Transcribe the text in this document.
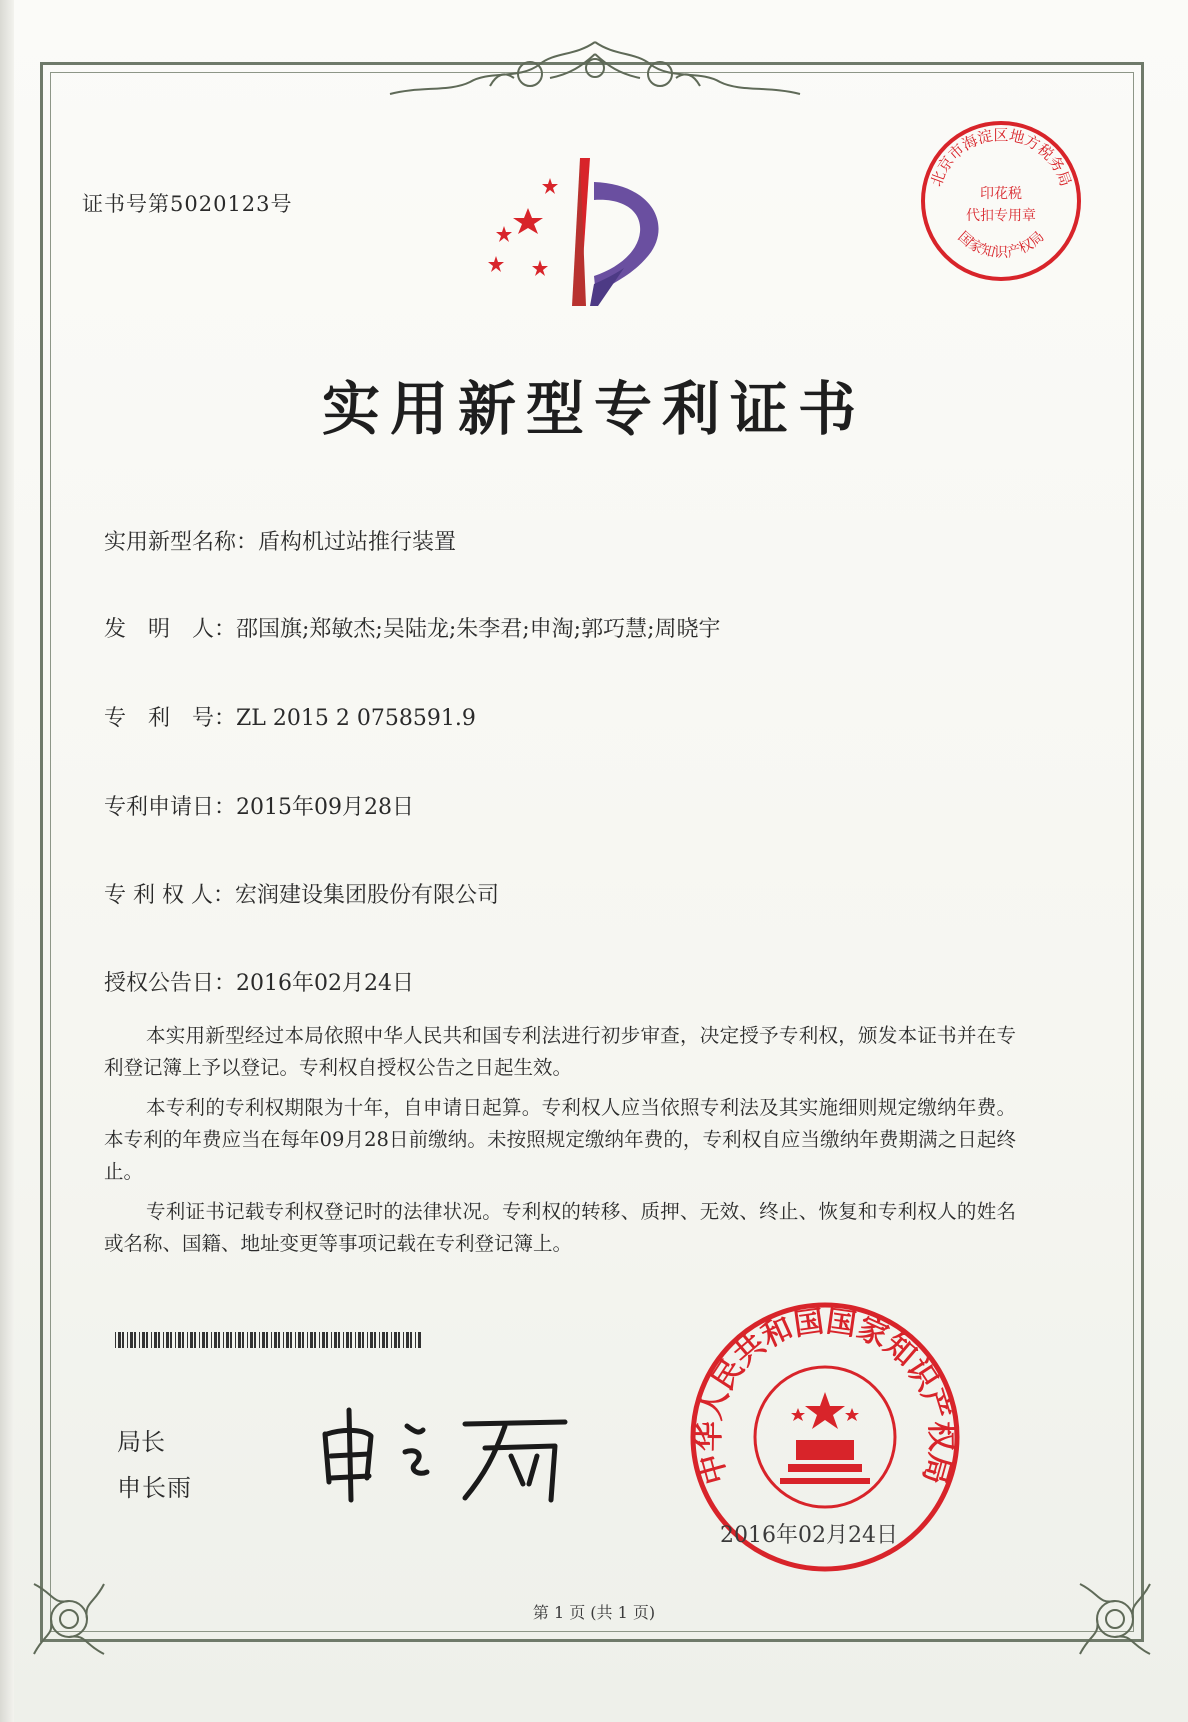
证书号第5020123号
北京市海淀区地方税务局
印花税
代扣专用章
国家知识产权局
实用新型专利证书
实用新型名称：盾构机过站推行装置
发　明　人：邵国旗;郑敏杰;吴陆龙;朱李君;申淘;郭巧慧;周晓宇
专　利　号：ZL 2015 2 0758591.9
专利申请日：2015年09月28日
专 利 权 人：宏润建设集团股份有限公司
授权公告日：2016年02月24日
本实用新型经过本局依照中华人民共和国专利法进行初步审查，决定授予专利权，颁发本证书并在专利登记簿上予以登记。专利权自授权公告之日起生效。
本专利的专利权期限为十年，自申请日起算。专利权人应当依照专利法及其实施细则规定缴纳年费。本专利的年费应当在每年09月28日前缴纳。未按照规定缴纳年费的，专利权自应当缴纳年费期满之日起终止。
专利证书记载专利权登记时的法律状况。专利权的转移、质押、无效、终止、恢复和专利权人的姓名或名称、国籍、地址变更等事项记载在专利登记簿上。
局长
申长雨
中华人民共和国国家知识产权局
2016年02月24日
第 1 页 (共 1 页)
